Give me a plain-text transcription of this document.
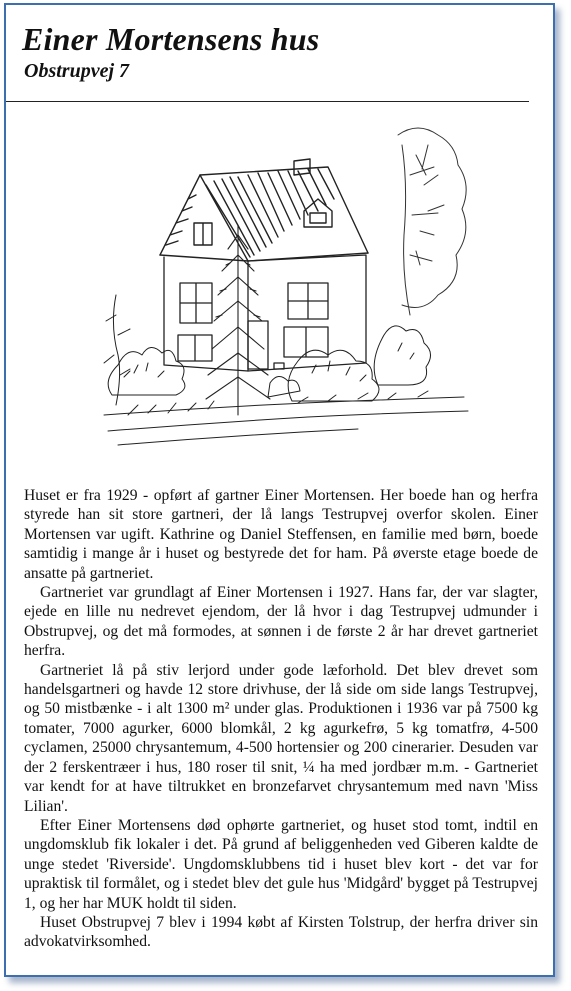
Einer Mortensens hus
Obstrupvej 7

Huset er fra 1929 - opført af gartner Einer Mortensen. Her boede han og herfra styrede han sit store gartneri, der lå langs Testrupvej overfor skolen. Einer Mortensen var ugift. Kathrine og Daniel Steffensen, en familie med børn, boede samtidig i mange år i huset og bestyrede det for ham. På øverste etage boede de ansatte på gartneriet.

Gartneriet var grundlagt af Einer Mortensen i 1927. Hans far, der var slagter, ejede en lille nu nedrevet ejendom, der lå hvor i dag Testrupvej udmunder i Obstrupvej, og det må formodes, at sønnen i de første 2 år har drevet gartneriet herfra.

Gartneriet lå på stiv lerjord under gode læforhold. Det blev drevet som handelsgartneri og havde 12 store drivhuse, der lå side om side langs Testrupvej, og 50 mistbænke - i alt 1300 m² under glas. Produktionen i 1936 var på 7500 kg tomater, 7000 agurker, 6000 blomkål, 2 kg agurkefrø, 5 kg tomatfrø, 4-500 cyclamen, 25000 chrysantemum, 4-500 hortensier og 200 cinerarier. Desuden var der 2 ferskentræer i hus, 180 roser til snit, ¼ ha med jordbær m.m. - Gartneriet var kendt for at have tiltrukket en bronzefarvet chrysantemum med navn 'Miss Lilian'.

Efter Einer Mortensens død ophørte gartneriet, og huset stod tomt, indtil en ungdomsklub fik lokaler i det. På grund af beliggenheden ved Giberen kaldte de unge stedet 'Riverside'. Ungdomsklubbens tid i huset blev kort - det var for upraktisk til formålet, og i stedet blev det gule hus 'Midgård' bygget på Testrupvej 1, og her har MUK holdt til siden.

Huset Obstrupvej 7 blev i 1994 købt af Kirsten Tolstrup, der herfra driver sin advokatvirksomhed.
